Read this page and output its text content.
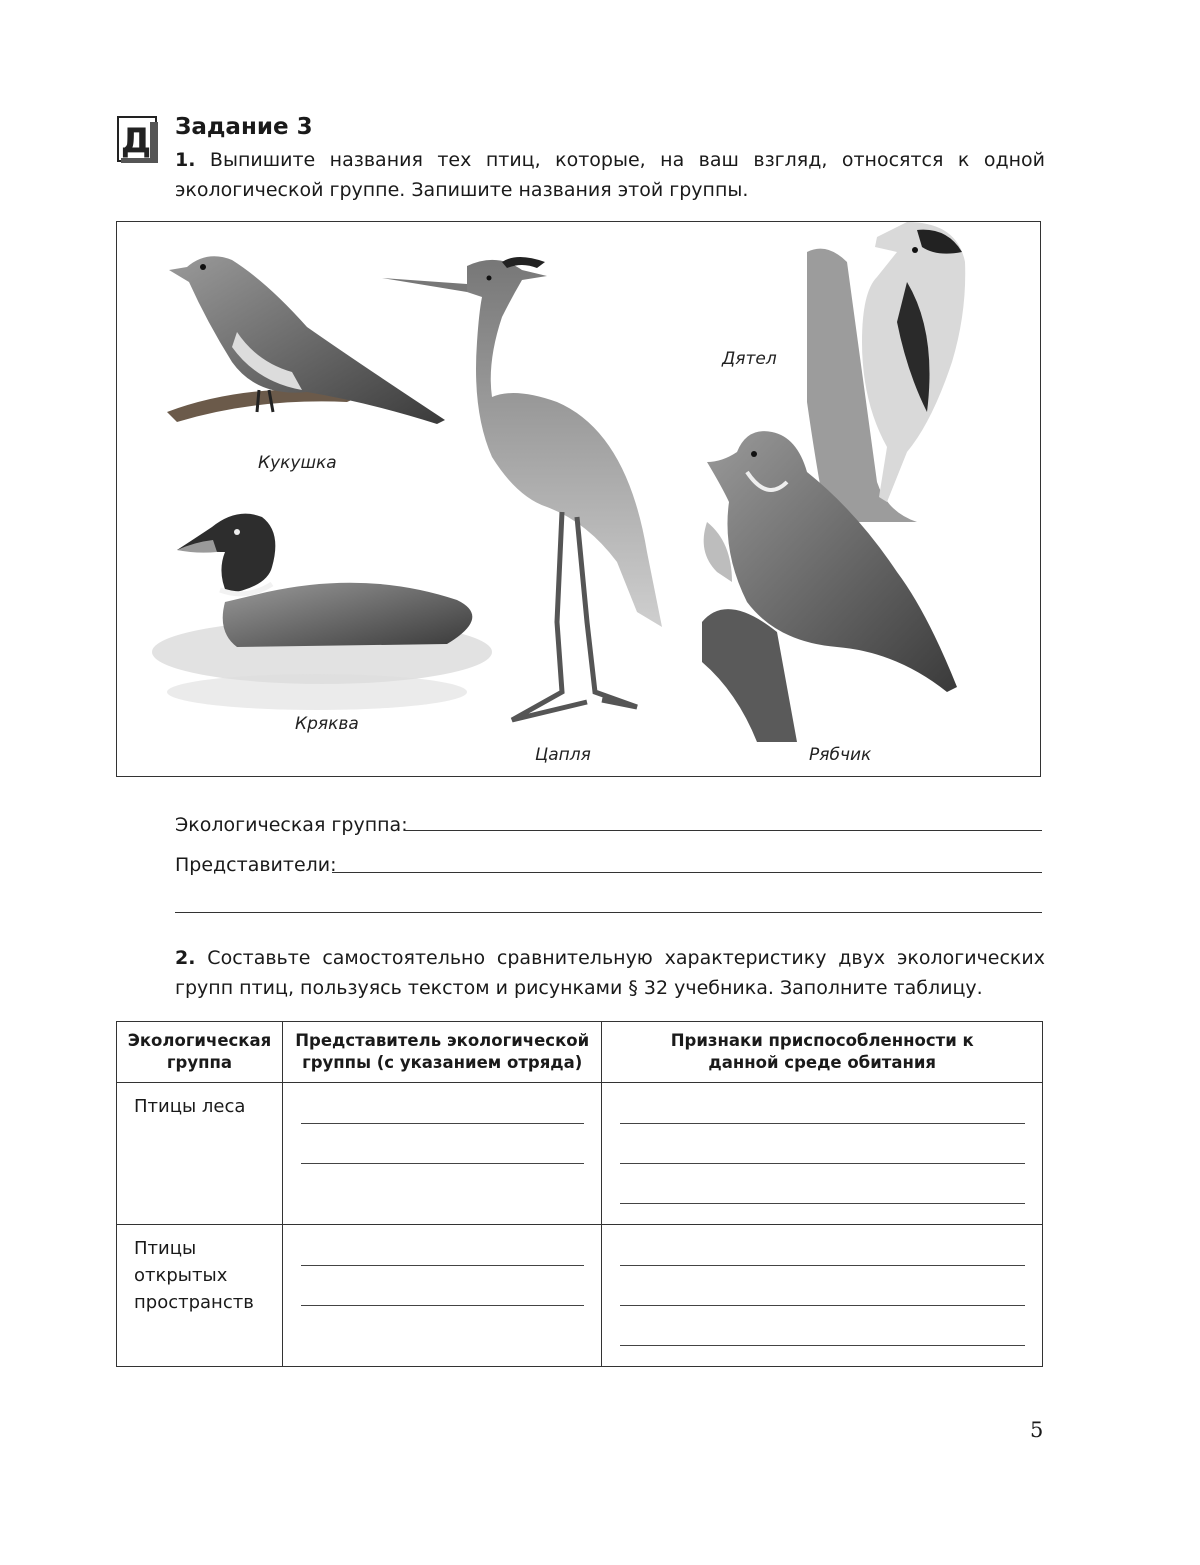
Д Задание 3
1. Выпишите названия тех птиц, которые, на ваш взгляд, относятся к одной экологической группе. Запишите названия этой группы.
Кукушка
Кряква
Цапля
Дятел
Рябчик
Экологическая группа:
Представители:
2. Составьте самостоятельно сравнительную характеристику двух экологических групп птиц, пользуясь текстом и рисунками § 32 учебника. Заполните таблицу.
Экологическая группа	Представитель экологической группы (с указанием отряда)	Признаки приспособленности к данной среде обитания
Птицы леса	

Птицы открытых пространств	

5
